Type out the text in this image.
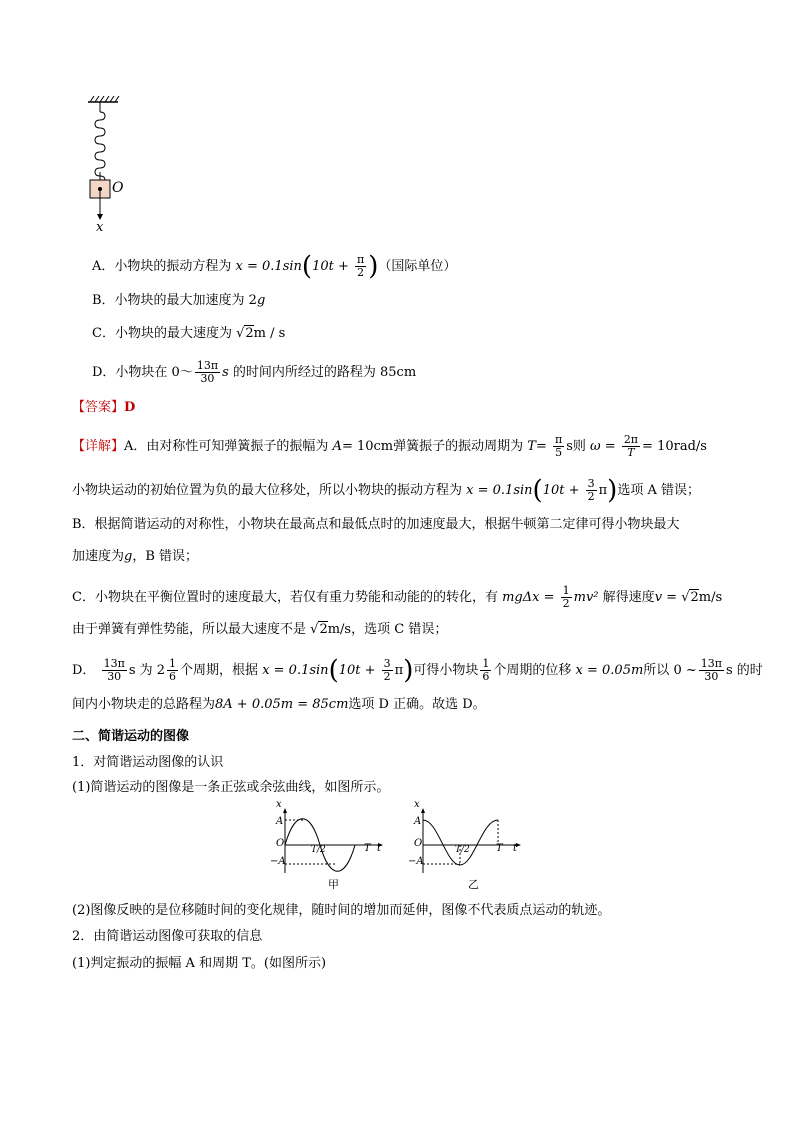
O
x
A．小物块的振动方程为 $x = 0.1\sin(10t + \frac{\pi}{2}$ )（国际单位）
B．小物块的最大加速度为 2g
C．小物块的最大速度为 √2m / s
D．小物块在 0～ $\frac{13\pi}{30}$ s 的时间内所经过的路程为 85cm
【答案】D
【详解】A．由对称性可知弹簧振子的振幅为 A= 10cm弹簧振子的振动周期为 $T= \frac{\pi}{5}$ s则 $\omega = \frac{2\pi}{T} = 10rad/s$
小物块运动的初始位置为负的最大位移处，所以小物块的振动方程为 $x = 0.1\sin(10t + \frac{3}{2} \pi)$选项 A 错误；
B．根据简谐运动的对称性，小物块在最高点和最低点时的加速度最大，根据牛顿第二定律可得小物块最大
加速度为g，B 错误；
C．小物块在平衡位置时的速度最大，若仅有重力势能和动能的的转化，有 $mg\Delta x = \frac{1}{2} mv^2$ 解得速度v = √2m/s
由于弹簧有弹性势能，所以最大速度不是 √2m/s，选项 C 错误；
D． $\frac{13\pi}{30}$ s 为 $2 \frac{1}{6}$ 个周期，根据 $x = 0.1\sin(10t + \frac{3}{2} \pi)$可得小物块 $\frac{1}{6}$ 个周期的位移 x = 0.05m所以 0 ~ $\frac{13\pi}{30}$ s 的时
间内小物块走的总路程为8A + 0.05m = 85cm选项 D 正确。故选 D。
二、简谐运动的图像
1．对简谐运动图像的认识
(1)简谐运动的图像是一条正弦或余弦曲线，如图所示。
x
A
O
−A
T/2	T t
甲
x
A
O
−A
T/2	T t
乙
(2)图像反映的是位移随时间的变化规律，随时间的增加而延伸，图像不代表质点运动的轨迹。
2．由简谐运动图像可获取的信息
(1)判定振动的振幅 A 和周期 T。(如图所示)
